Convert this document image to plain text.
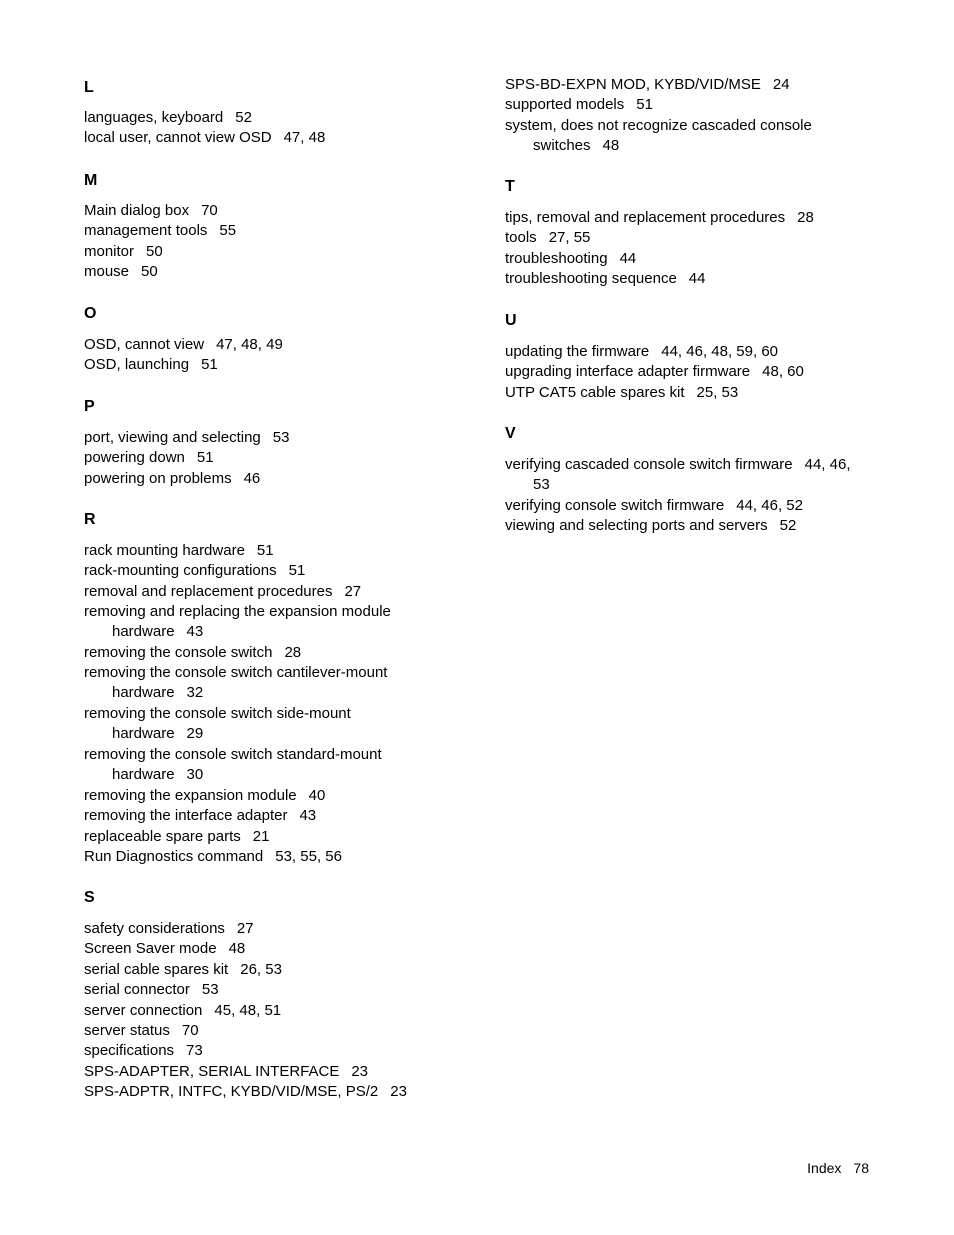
L
languages, keyboard 52
local user, cannot view OSD 47, 48
M
Main dialog box 70
management tools 55
monitor 50
mouse 50
O
OSD, cannot view 47, 48, 49
OSD, launching 51
P
port, viewing and selecting 53
powering down 51
powering on problems 46
R
rack mounting hardware 51
rack-mounting configurations 51
removal and replacement procedures 27
removing and replacing the expansion module
hardware 43
removing the console switch 28
removing the console switch cantilever-mount
hardware 32
removing the console switch side-mount
hardware 29
removing the console switch standard-mount
hardware 30
removing the expansion module 40
removing the interface adapter 43
replaceable spare parts 21
Run Diagnostics command 53, 55, 56
S
safety considerations 27
Screen Saver mode 48
serial cable spares kit 26, 53
serial connector 53
server connection 45, 48, 51
server status 70
specifications 73
SPS-ADAPTER, SERIAL INTERFACE 23
SPS-ADPTR, INTFC, KYBD/VID/MSE, PS/2 23
SPS-BD-EXPN MOD, KYBD/VID/MSE 24
supported models 51
system, does not recognize cascaded console
switches 48
T
tips, removal and replacement procedures 28
tools 27, 55
troubleshooting 44
troubleshooting sequence 44
U
updating the firmware 44, 46, 48, 59, 60
upgrading interface adapter firmware 48, 60
UTP CAT5 cable spares kit 25, 53
V
verifying cascaded console switch firmware 44, 46,
53
verifying console switch firmware 44, 46, 52
viewing and selecting ports and servers 52
Index 78
